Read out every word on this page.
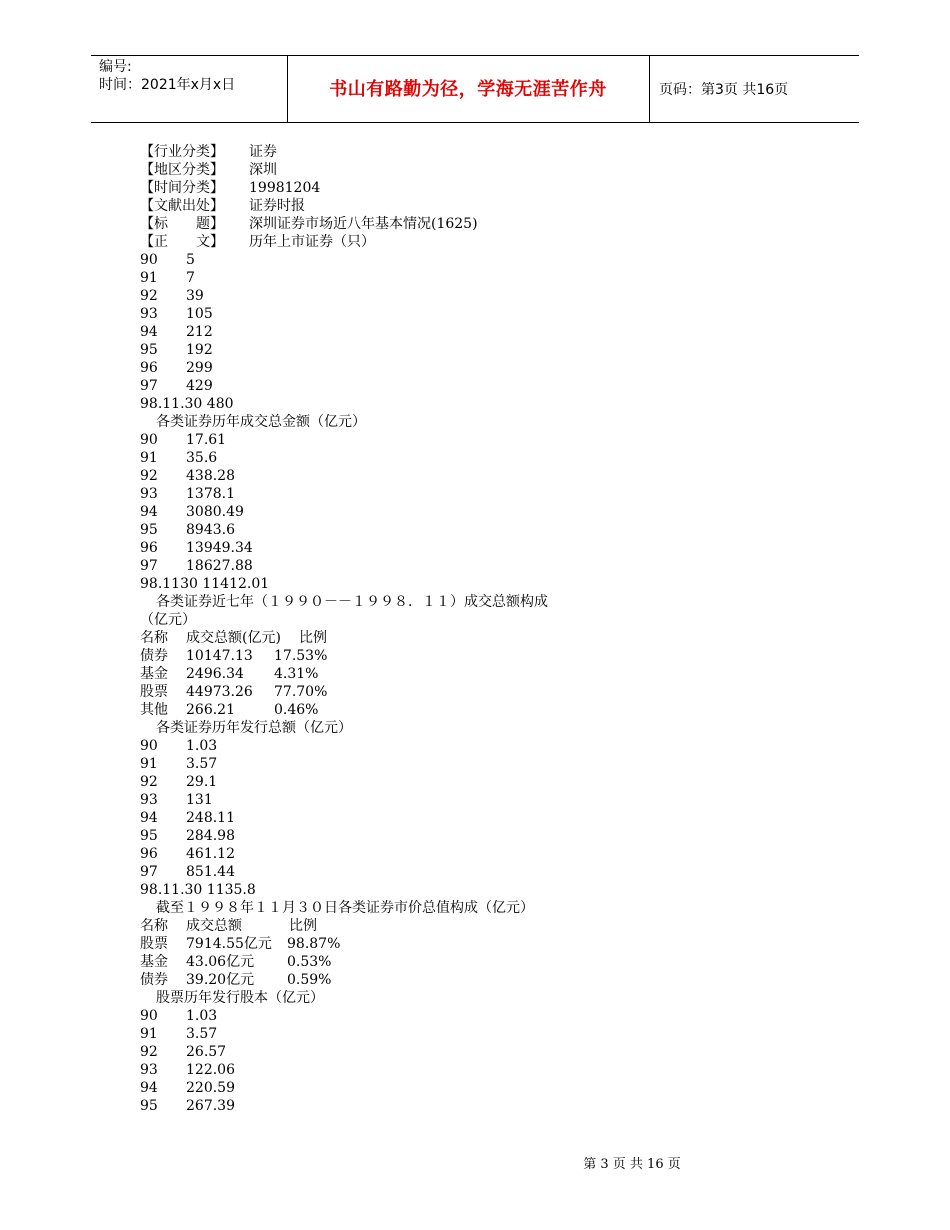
编号:
时间：2021年x月x日	书山有路勤为径，学海无涯苦作舟	页码：第3页 共16页
【行业分类】 证券
【地区分类】 深圳
【时间分类】 19981204
【文献出处】 证券时报
【标　　题】 深圳证券市场近八年基本情况(1625)
【正　　文】 历年上市证券（只）
90 5
91 7
92 39
93 105
94 212
95 192
96 299
97 429
98.11.30 480
各类证券历年成交总金额（亿元）
90 17.61
91 35.6
92 438.28
93 1378.1
94 3080.49
95 8943.6
96 13949.34
97 18627.88
98.1130 11412.01
各类证券近七年（１９９０－－１９９８．１１）成交总额构成
（亿元）
名称 成交总额(亿元) 比例
债券 10147.13 17.53%
基金 2496.34 4.31%
股票 44973.26 77.70%
其他 266.21	0.46%
各类证券历年发行总额（亿元）
90 1.03
91 3.57
92 29.1
93 131
94 248.11
95 284.98
96 461.12
97 851.44
98.11.30 1135.8
截至１９９８年１１月３０日各类证券市价总值构成（亿元）
名称 成交总额	比例
股票 7914.55亿元 98.87%
基金 43.06亿元 0.53%
债券 39.20亿元 0.59%
股票历年发行股本（亿元）
90 1.03
91 3.57
92 26.57
93 122.06
94 220.59
95 267.39
第 3 页 共 16 页
